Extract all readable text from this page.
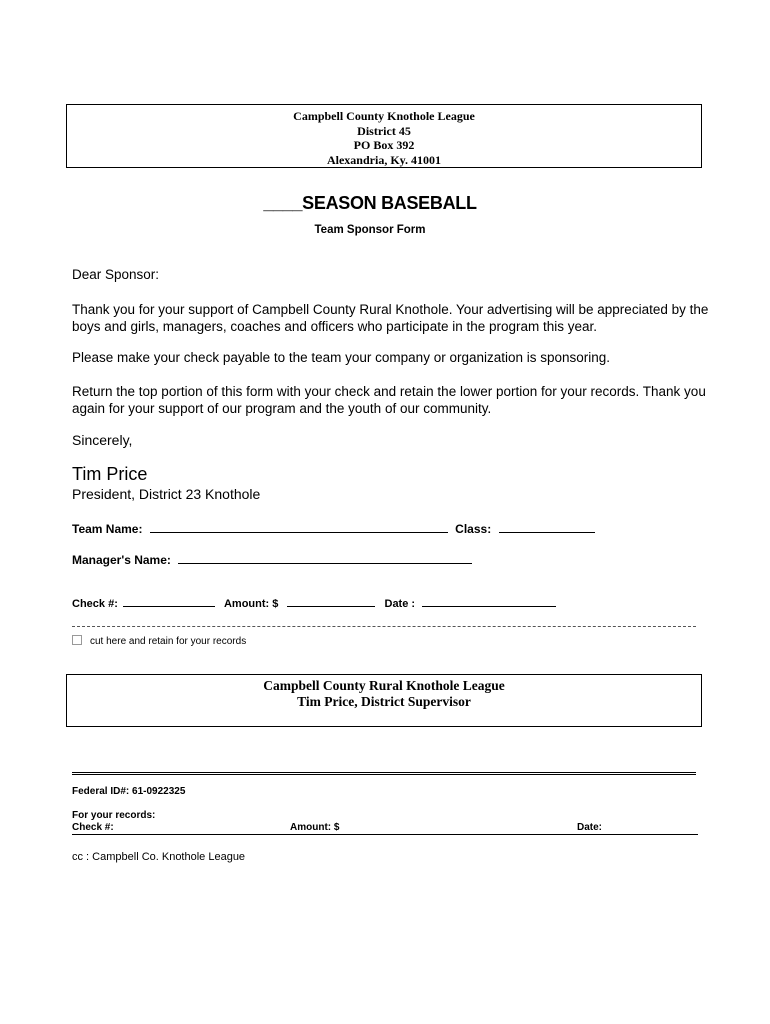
Campbell County Knothole League
District 45
PO Box 392
Alexandria, Ky. 41001
____SEASON BASEBALL
Team Sponsor Form
Dear Sponsor:
Thank you for your support of Campbell County Rural Knothole. Your advertising will be appreciated by the boys and girls, managers, coaches and officers who participate in the program this year.
Please make your check payable to the team your company or organization is sponsoring.
Return the top portion of this form with your check and retain the lower portion for your records. Thank you again for your support of our program and the youth of our community.
Sincerely,
Tim Price
President, District 23 Knothole
Team Name:	Class:
Manager's Name:
Check #:	Amount: $	Date :
cut here and retain for your records
Campbell County Rural Knothole League
Tim Price, District Supervisor
Federal ID#: 61-0922325
For your records:
Check #:	Amount: $	Date:
cc : Campbell Co. Knothole League
